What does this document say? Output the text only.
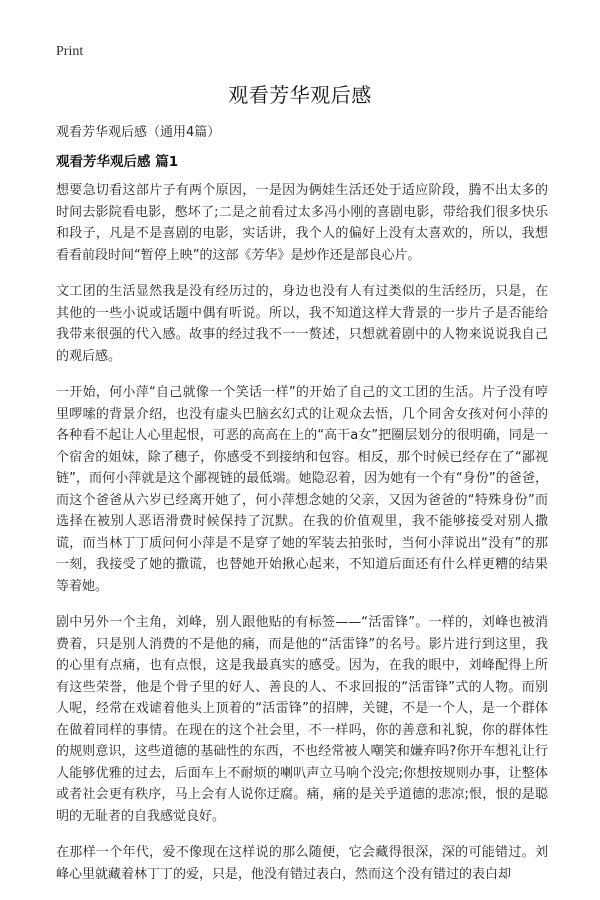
Print
观看芳华观后感
观看芳华观后感（通用4篇）
观看芳华观后感 篇1

想要急切看这部片子有两个原因，一是因为俩娃生活还处于适应阶段，腾不出太多的时间去影院看电影，憋坏了;二是之前看过太多冯小刚的喜剧电影，带给我们很多快乐和段子，凡是不是喜剧的电影，实话讲，我个人的偏好上没有太喜欢的，所以，我想看看前段时间“暂停上映”的这部《芳华》是炒作还是部良心片。

文工团的生活显然我是没有经历过的，身边也没有人有过类似的生活经历，只是，在其他的一些小说或话题中偶有听说。所以，我不知道这样大背景的一步片子是否能给我带来很强的代入感。故事的经过我不一一赘述，只想就着剧中的人物来说说我自己的观后感。

一开始，何小萍“自己就像一个笑话一样”的开始了自己的文工团的生活。片子没有哼里啰嗦的背景介绍，也没有虚头巴脑玄幻式的让观众去悟，几个同舍女孩对何小萍的各种看不起让人心里起恨，可恶的高高在上的“高干a女”把圈层划分的很明确，同是一个宿舍的姐妹，除了穗子，你感受不到接纳和包容。相反，那个时候已经存在了“鄙视链”，而何小萍就是这个鄙视链的最低端。她隐忍着，因为她有一个有“身份”的爸爸，而这个爸爸从六岁已经离开她了，何小萍想念她的父亲，又因为爸爸的“特殊身份”而选择在被别人恶语滑费时候保持了沉默。在我的价值观里，我不能够接受对别人撒谎，而当林丁丁质问何小萍是不是穿了她的军装去拍张时，当何小萍说出“没有”的那一刻，我接受了她的撒谎，也替她开始揪心起来，不知道后面还有什么样更糟的结果等着她。

剧中另外一个主角，刘峰，别人跟他贴的有标签——“活雷锋”。一样的，刘峰也被消费着，只是别人消费的不是他的痛，而是他的“活雷锋”的名号。影片进行到这里，我的心里有点痛，也有点恨，这是我最真实的感受。因为，在我的眼中，刘峰配得上所有这些荣誉，他是个骨子里的好人、善良的人、不求回报的“活雷锋”式的人物。而别人呢，经常在戏谑着他头上顶着的“活雷锋”的招牌，关键，不是一个人，是一个群体在做着同样的事情。在现在的这个社会里，不一样吗，你的善意和礼貌，你的群体性的规则意识，这些道德的基础性的东西，不也经常被人嘲笑和嫌弃吗?你开车想礼让行人能够优雅的过去，后面车上不耐烦的喇叭声立马响个没完;你想按规则办事，让整体或者社会更有秩序，马上会有人说你迂腐。痛，痛的是关乎道德的悲凉;恨，恨的是聪明的无耻者的自我感觉良好。

在那样一个年代，爱不像现在这样说的那么随便，它会藏得很深，深的可能错过。刘峰心里就藏着林丁丁的爱，只是，他没有错过表白，然而这个没有错过的表白却
